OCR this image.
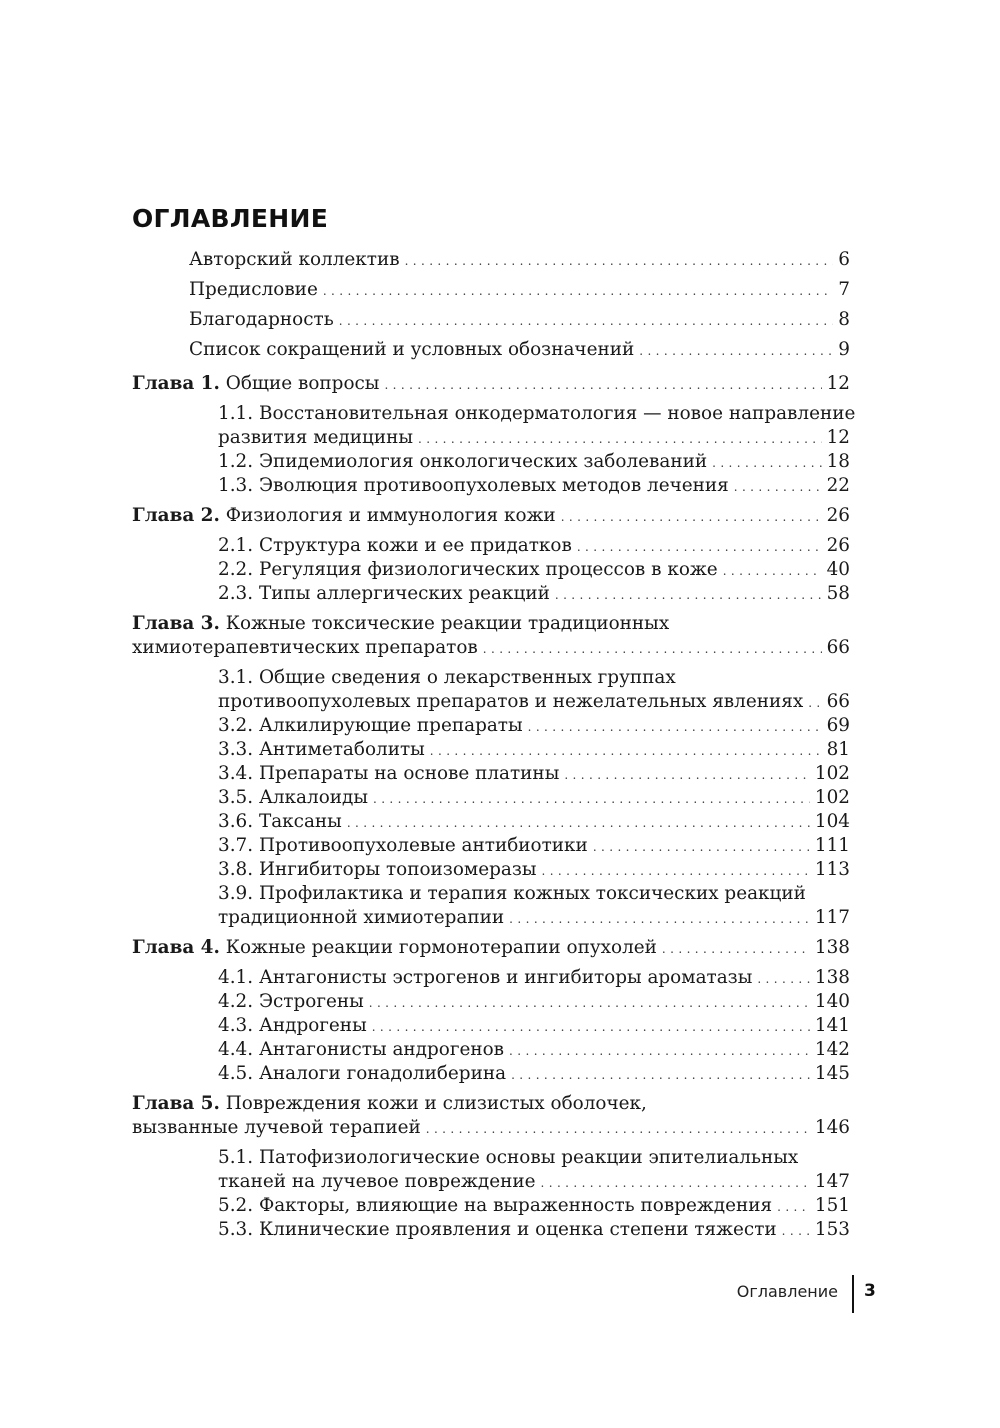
ОГЛАВЛЕНИЕ
Авторский коллектив .....	6
Предисловие .....	7
Благодарность .....	8
Список сокращений и условных обозначений .....	9
Глава 1. Общие вопросы .....	12
1.1. Восстановительная онкодерматология — новое направление
развития медицины .....	12
1.2. Эпидемиология онкологических заболеваний .....	18
1.3. Эволюция противоопухолевых методов лечения .....	22
Глава 2. Физиология и иммунология кожи .....	26
2.1. Структура кожи и ее придатков .....	26
2.2. Регуляция физиологических процессов в коже .....	40
2.3. Типы аллергических реакций .....	58
Глава 3. Кожные токсические реакции традиционных
химиотерапевтических препаратов .....	66
3.1. Общие сведения о лекарственных группах
противоопухолевых препаратов и нежелательных явлениях ..... 66
3.2. Алкилирующие препараты .....	69
3.3. Антиметаболиты .....	81
3.4. Препараты на основе платины .....	102
3.5. Алкалоиды .....	102
3.6. Таксаны .....	104
3.7. Противоопухолевые антибиотики .....	111
3.8. Ингибиторы топоизомеразы .....	113
3.9. Профилактика и терапия кожных токсических реакций
традиционной химиотерапии .....	117
Глава 4. Кожные реакции гормонотерапии опухолей .....	138
4.1. Антагонисты эстрогенов и ингибиторы ароматазы .....	138
4.2. Эстрогены .....	140
4.3. Андрогены .....	141
4.4. Антагонисты андрогенов .....	142
4.5. Аналоги гонадолиберина .....	145
Глава 5. Повреждения кожи и слизистых оболочек,
вызванные лучевой терапией .....	146
5.1. Патофизиологические основы реакции эпителиальных
тканей на лучевое повреждение .....	147
5.2. Факторы, влияющие на выраженность повреждения ..... 151
5.3. Клинические проявления и оценка степени тяжести ..... 153
Оглавление 3
